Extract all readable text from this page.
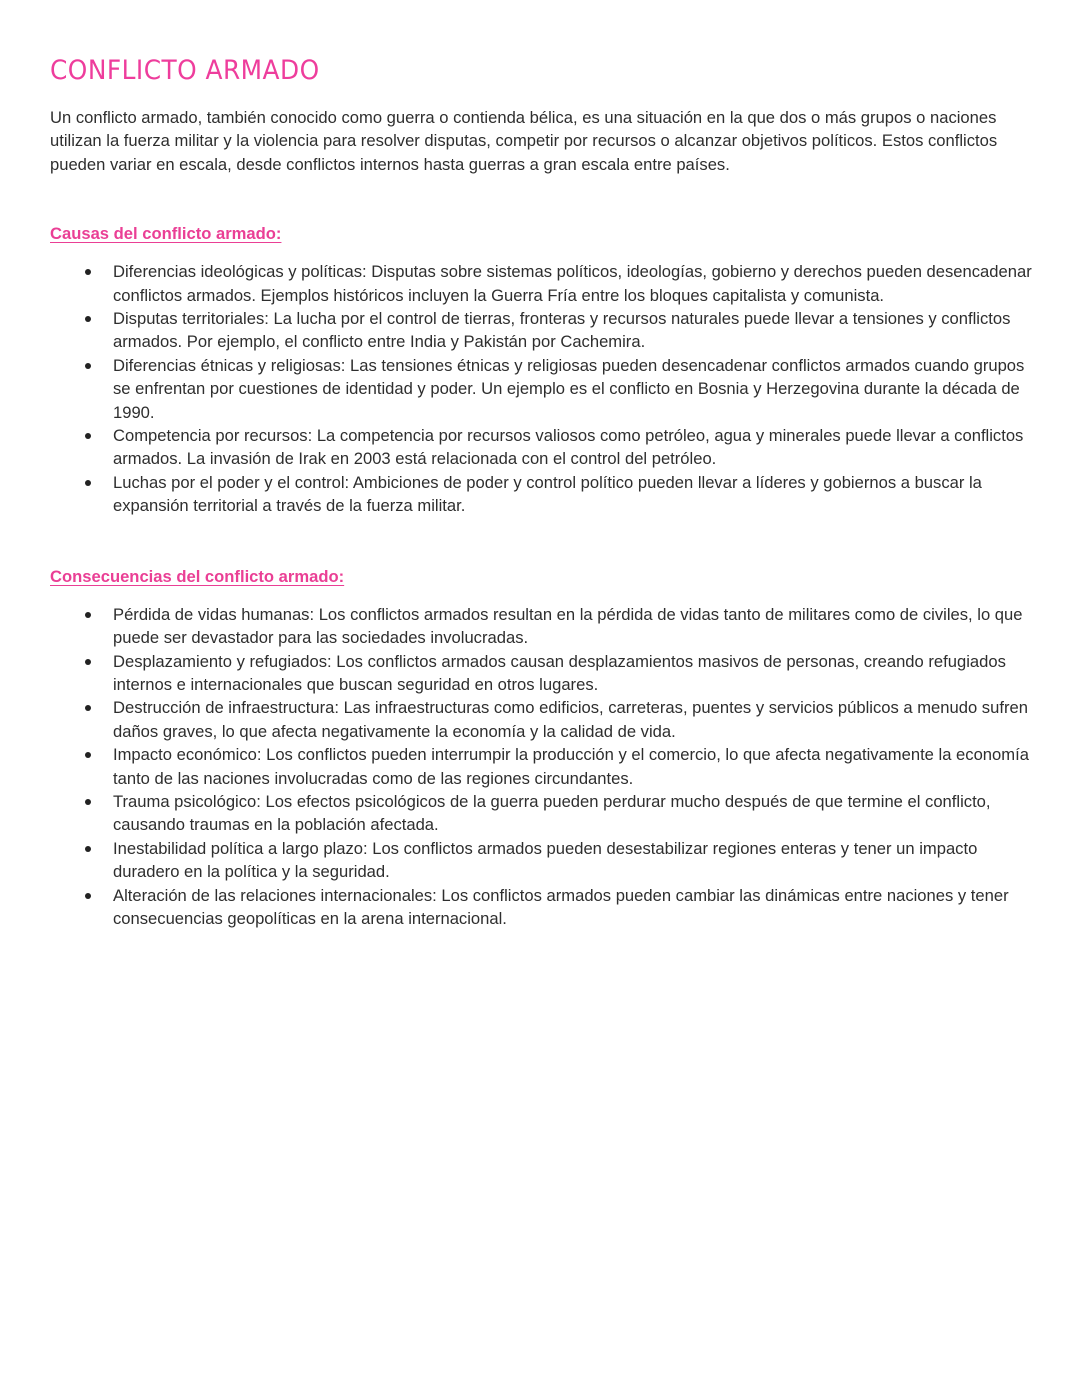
CONFLICTO ARMADO

Un conflicto armado, también conocido como guerra o contienda bélica, es una situación en la que dos o más grupos o naciones utilizan la fuerza militar y la violencia para resolver disputas, competir por recursos o alcanzar objetivos políticos. Estos conflictos pueden variar en escala, desde conflictos internos hasta guerras a gran escala entre países.

Causas del conflicto armado:
Diferencias ideológicas y políticas: Disputas sobre sistemas políticos, ideologías, gobierno y derechos pueden desencadenar conflictos armados. Ejemplos históricos incluyen la Guerra Fría entre los bloques capitalista y comunista.
Disputas territoriales: La lucha por el control de tierras, fronteras y recursos naturales puede llevar a tensiones y conflictos armados. Por ejemplo, el conflicto entre India y Pakistán por Cachemira.
Diferencias étnicas y religiosas: Las tensiones étnicas y religiosas pueden desencadenar conflictos armados cuando grupos se enfrentan por cuestiones de identidad y poder. Un ejemplo es el conflicto en Bosnia y Herzegovina durante la década de 1990.
Competencia por recursos: La competencia por recursos valiosos como petróleo, agua y minerales puede llevar a conflictos armados. La invasión de Irak en 2003 está relacionada con el control del petróleo.
Luchas por el poder y el control: Ambiciones de poder y control político pueden llevar a líderes y gobiernos a buscar la expansión territorial a través de la fuerza militar.
Consecuencias del conflicto armado:
Pérdida de vidas humanas: Los conflictos armados resultan en la pérdida de vidas tanto de militares como de civiles, lo que puede ser devastador para las sociedades involucradas.
Desplazamiento y refugiados: Los conflictos armados causan desplazamientos masivos de personas, creando refugiados internos e internacionales que buscan seguridad en otros lugares.
Destrucción de infraestructura: Las infraestructuras como edificios, carreteras, puentes y servicios públicos a menudo sufren daños graves, lo que afecta negativamente la economía y la calidad de vida.
Impacto económico: Los conflictos pueden interrumpir la producción y el comercio, lo que afecta negativamente la economía tanto de las naciones involucradas como de las regiones circundantes.
Trauma psicológico: Los efectos psicológicos de la guerra pueden perdurar mucho después de que termine el conflicto, causando traumas en la población afectada.
Inestabilidad política a largo plazo: Los conflictos armados pueden desestabilizar regiones enteras y tener un impacto duradero en la política y la seguridad.
Alteración de las relaciones internacionales: Los conflictos armados pueden cambiar las dinámicas entre naciones y tener consecuencias geopolíticas en la arena internacional.
